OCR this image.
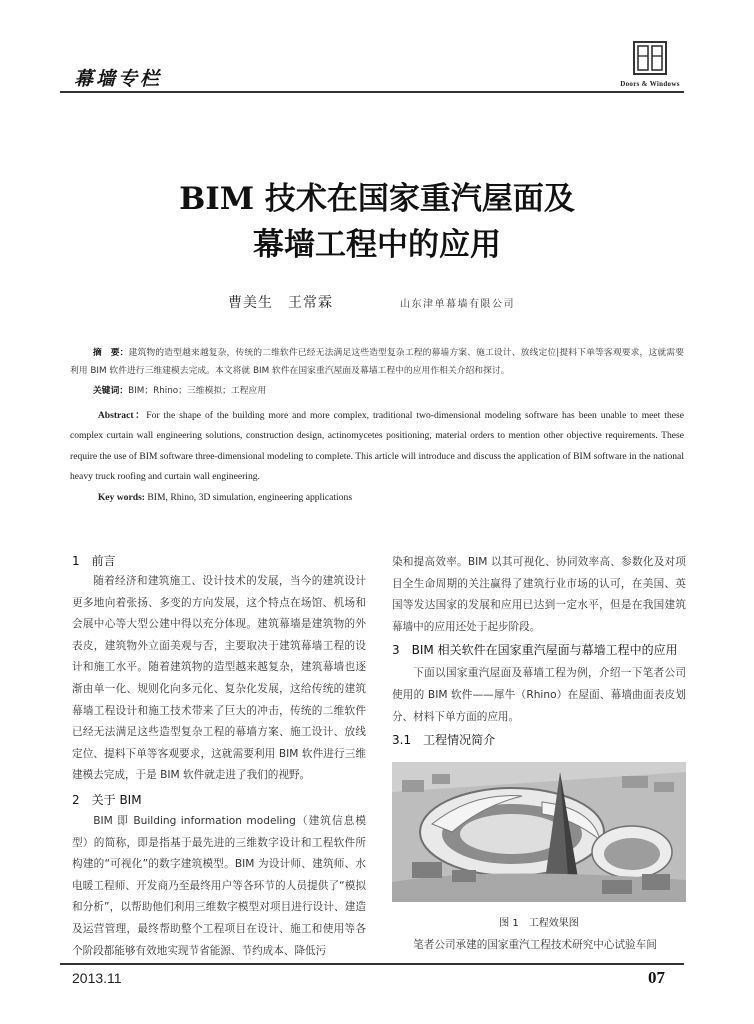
幕墙专栏	Doors & Windows
BIM 技术在国家重汽屋面及
幕墙工程中的应用
曹美生　王常霖	山东津单幕墙有限公司

摘　要：建筑物的造型越来越复杂，传统的二维软件已经无法满足这些造型复杂工程的幕墙方案、施工设计、放线定位|提料下单等客观要求，这就需要利用 BIM 软件进行三维建模去完成。本文将就 BIM 软件在国家重汽屋面及幕墙工程中的应用作相关介绍和探讨。

关键词：BIM；Rhino；三维模拟；工程应用

Abstract：For the shape of the building more and more complex, traditional two-dimensional modeling software has been unable to meet these complex curtain wall engineering solutions, construction design, actinomycetes positioning, material orders to mention other objective requirements. These require the use of BIM software three-dimensional modeling to complete. This article will introduce and discuss the application of BIM software in the national heavy truck roofing and curtain wall engineering.

Key words: BIM, Rhino, 3D simulation, engineering applications

1　前言

随着经济和建筑施工、设计技术的发展，当今的建筑设计更多地向着张扬、多变的方向发展，这个特点在场馆、机场和会展中心等大型公建中得以充分体现。建筑幕墙是建筑物的外表皮，建筑物外立面美观与否，主要取决于建筑幕墙工程的设计和施工水平。随着建筑物的造型越来越复杂，建筑幕墙也逐渐由单一化、规则化向多元化、复杂化发展，这给传统的建筑幕墙工程设计和施工技术带来了巨大的冲击，传统的二维软件已经无法满足这些造型复杂工程的幕墙方案、施工设计、放线定位、提料下单等客观要求，这就需要利用 BIM 软件进行三维建模去完成，于是 BIM 软件就走进了我们的视野。

2　关于 BIM

BIM 即 Building information modeling（建筑信息模型）的简称，即是指基于最先进的三维数字设计和工程软件所构建的“可视化”的数字建筑模型。BIM 为设计师、建筑师、水电暖工程师、开发商乃至最终用户等各环节的人员提供了“模拟和分析”，以帮助他们利用三维数字模型对项目进行设计、建造及运营管理，最终帮助整个工程项目在设计、施工和使用等各个阶段都能够有效地实现节省能源、节约成本、降低污

染和提高效率。BIM 以其可视化、协同效率高、参数化及对项目全生命周期的关注赢得了建筑行业市场的认可，在美国、英国等发达国家的发展和应用已达到一定水平，但是在我国建筑幕墙中的应用还处于起步阶段。

3　BIM 相关软件在国家重汽屋面与幕墙工程中的应用

下面以国家重汽屋面及幕墙工程为例，介绍一下笔者公司使用的 BIM 软件——犀牛（Rhino）在屋面、幕墙曲面表皮划分、材料下单方面的应用。

3.1　工程情况简介
图 1　工程效果图
笔者公司承建的国家重汽工程技术研究中心试验车间
2013.11	07
